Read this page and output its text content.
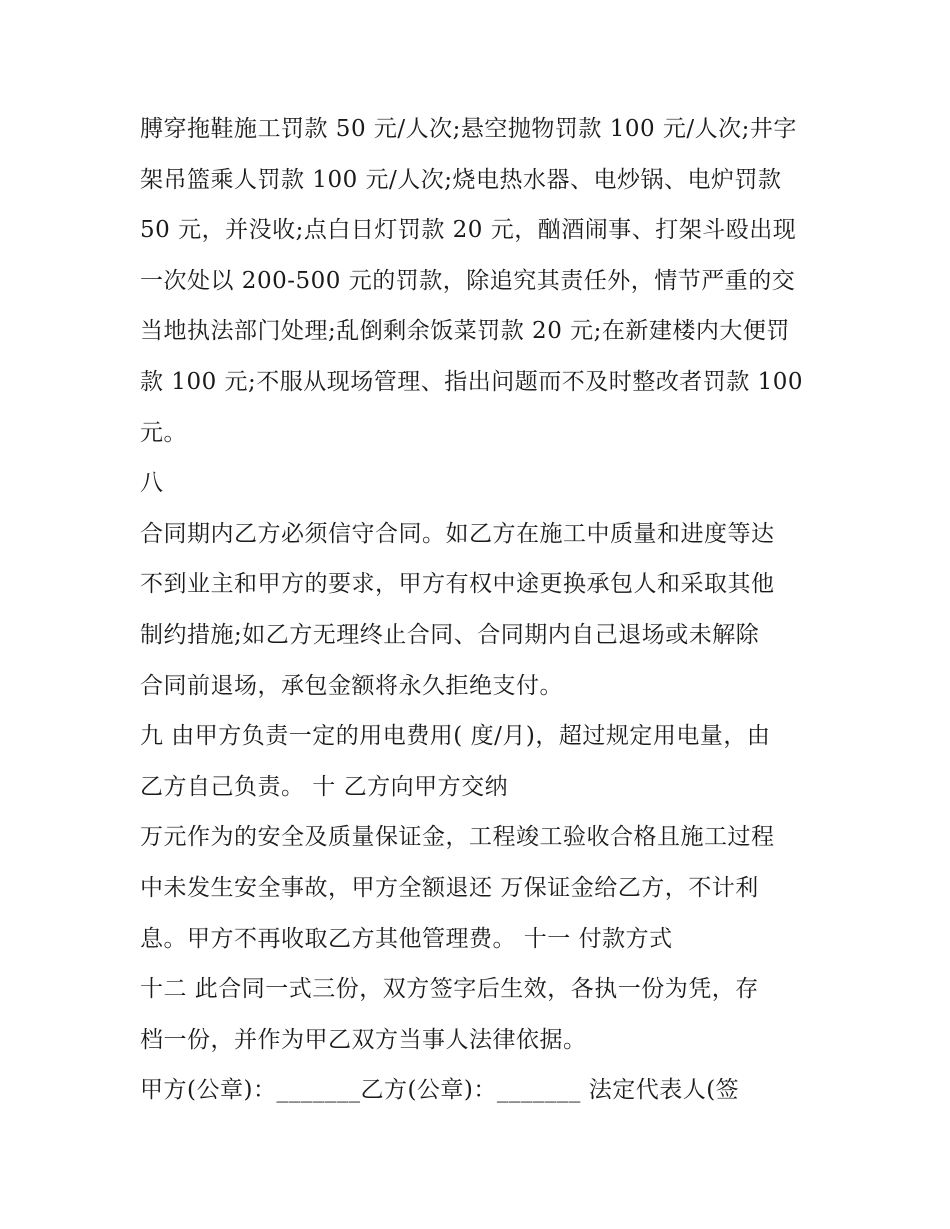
膊穿拖鞋施工罚款 50 元/人次;悬空抛物罚款 100 元/人次;井字
架吊篮乘人罚款 100 元/人次;烧电热水器、电炒锅、电炉罚款
50 元，并没收;点白日灯罚款 20 元，酗酒闹事、打架斗殴出现
一次处以 200-500 元的罚款，除追究其责任外，情节严重的交
当地执法部门处理;乱倒剩余饭菜罚款 20 元;在新建楼内大便罚
款 100 元;不服从现场管理、指出问题而不及时整改者罚款 100
元。
八
合同期内乙方必须信守合同。如乙方在施工中质量和进度等达
不到业主和甲方的要求，甲方有权中途更换承包人和采取其他
制约措施;如乙方无理终止合同、合同期内自己退场或未解除
合同前退场，承包金额将永久拒绝支付。
九 由甲方负责一定的用电费用( 度/月)，超过规定用电量，由
乙方自己负责。 十 乙方向甲方交纳
万元作为的安全及质量保证金，工程竣工验收合格且施工过程
中未发生安全事故，甲方全额退还 万保证金给乙方，不计利
息。甲方不再收取乙方其他管理费。 十一 付款方式
十二 此合同一式三份，双方签字后生效，各执一份为凭，存
档一份，并作为甲乙双方当事人法律依据。
甲方(公章)：_______乙方(公章)：_______ 法定代表人(签
